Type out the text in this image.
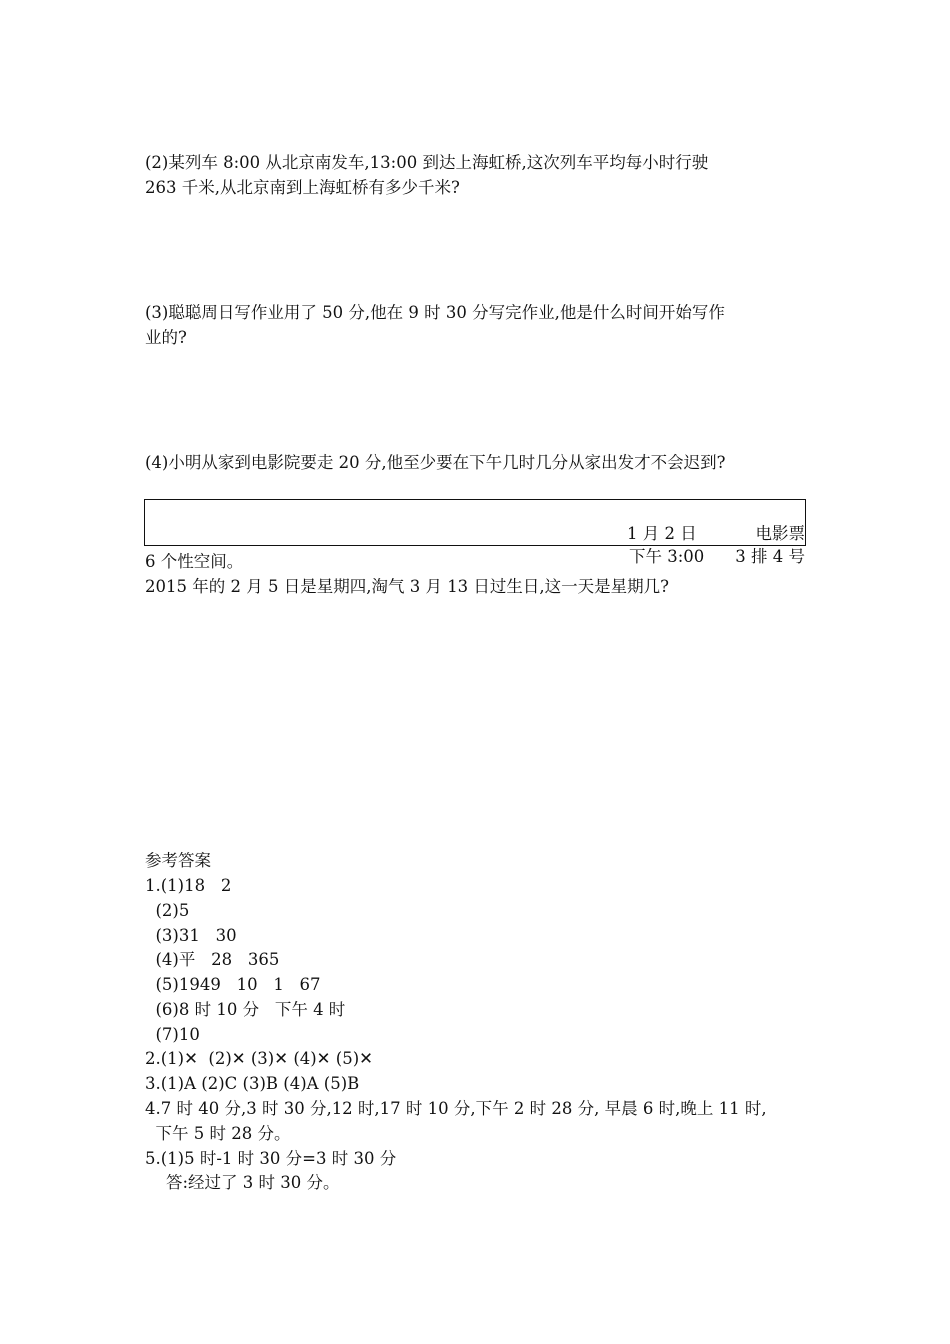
(2)某列车 8:00 从北京南发车,13:00 到达上海虹桥,这次列车平均每小时行驶
263 千米,从北京南到上海虹桥有多少千米?
(3)聪聪周日写作业用了 50 分,他在 9 时 30 分写完作业,他是什么时间开始写作
业的?
(4)小明从家到电影院要走 20 分,他至少要在下午几时几分从家出发才不会迟到?

1 月 2 日	电影票

下午 3:00 3 排 4 号

6 个性空间。
2015 年的 2 月 5 日是星期四,淘气 3 月 13 日过生日,这一天是星期几?
参考答案
1.(1)18   2
(2)5
(3)31   30
(4)平   28   365
(5)1949   10   1   67
(6)8 时 10 分   下午 4 时
(7)10
2.(1)✕  (2)✕ (3)✕ (4)✕ (5)✕
3.(1)A (2)C (3)B (4)A (5)B
4.7 时 40 分,3 时 30 分,12 时,17 时 10 分,下午 2 时 28 分, 早晨 6 时,晚上 11 时,
下午 5 时 28 分。
5.(1)5 时-1 时 30 分=3 时 30 分
答:经过了 3 时 30 分。
